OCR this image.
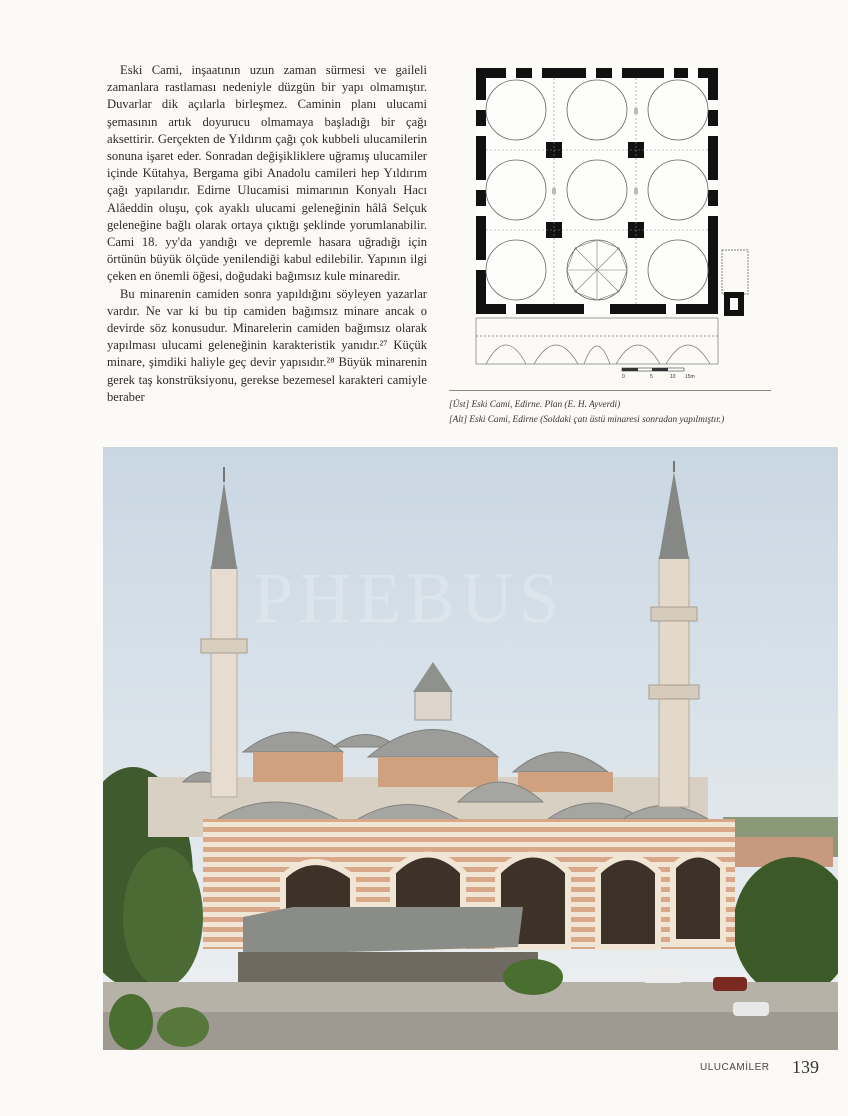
Eski Cami, inşaatının uzun zaman sürmesi ve gaileli zamanlara rastlaması nedeniyle düzgün bir yapı olmamıştır. Duvarlar dik açılarla birleşmez. Caminin planı ulucami şemasının artık doyurucu olmamaya başladığı bir çağı aksettirir. Gerçekten de Yıldırım çağı çok kubbeli ulucamilerin sonuna işaret eder. Sonradan değişikliklere uğramış ulucamiler içinde Kütahya, Bergama gibi Anadolu camileri hep Yıldırım çağı yapılarıdır. Edirne Ulucamisi mimarının Konyalı Hacı Alâeddin oluşu, çok ayaklı ulucami geleneğinin hâlâ Selçuk geleneğine bağlı olarak ortaya çıktığı şeklinde yorumlanabilir. Cami 18. yy'da yandığı ve depremle hasara uğradığı için örtünün büyük ölçüde yenilendiği kabul edilebilir. Yapının ilgi çeken en önemli öğesi, doğudaki bağımsız kule minaredir.

Bu minarenin camiden sonra yapıldığını söyleyen yazarlar vardır. Ne var ki bu tip camiden bağımsız minare ancak o devirde söz konusudur. Minarelerin camiden bağımsız olarak yapılması ulucami geleneğinin karakteristik yanıdır.²⁷ Küçük minare, şimdiki haliyle geç devir yapısıdır.²⁸ Büyük minarenin gerek taş konstrüksiyonu, gerekse bezemesel karakteri camiyle beraber

0	5	10 15m
[Üst] Eski Cami, Edirne. Plan (E. H. Ayverdi)
[Alt] Eski Cami, Edirne (Soldaki çatı üstü minaresi sonradan yapılmıştır.)
PHEBUS
ULUCAMİLER 139
